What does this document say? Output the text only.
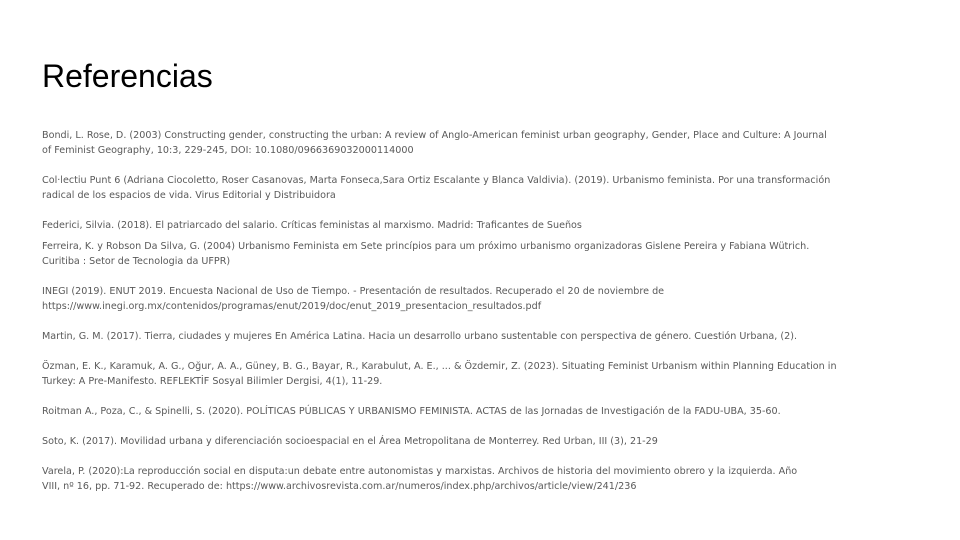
Referencias
Bondi, L. Rose, D. (2003) Constructing gender, constructing the urban: A review of Anglo-American feminist urban geography, Gender, Place and Culture: A Journal
of Feminist Geography, 10:3, 229-245, DOI: 10.1080/0966369032000114000
Col·lectiu Punt 6 (Adriana Ciocoletto, Roser Casanovas, Marta Fonseca,Sara Ortiz Escalante y Blanca Valdivia). (2019). Urbanismo feminista. Por una transformación
radical de los espacios de vida. Virus Editorial y Distribuidora
Federici, Silvia. (2018). El patriarcado del salario. Críticas feministas al marxismo. Madrid: Traficantes de Sueños
Ferreira, K. y Robson Da Silva, G. (2004) Urbanismo Feminista em Sete princípios para um próximo urbanismo organizadoras Gislene Pereira y Fabiana Wütrich.
Curitiba : Setor de Tecnologia da UFPR)
INEGI (2019). ENUT 2019. Encuesta Nacional de Uso de Tiempo. - Presentación de resultados. Recuperado el 20 de noviembre de
https://www.inegi.org.mx/contenidos/programas/enut/2019/doc/enut_2019_presentacion_resultados.pdf
Martin, G. M. (2017). Tierra, ciudades y mujeres En América Latina. Hacia un desarrollo urbano sustentable con perspectiva de género. Cuestión Urbana, (2).
Özman, E. K., Karamuk, A. G., Oğur, A. A., Güney, B. G., Bayar, R., Karabulut, A. E., ... & Özdemir, Z. (2023). Situating Feminist Urbanism within Planning Education in
Turkey: A Pre-Manifesto. REFLEKTİF Sosyal Bilimler Dergisi, 4(1), 11-29.
Roitman A., Poza, C., & Spinelli, S. (2020). POLÍTICAS PÚBLICAS Y URBANISMO FEMINISTA. ACTAS de las Jornadas de Investigación de la FADU-UBA, 35-60.
Soto, K. (2017). Movilidad urbana y diferenciación socioespacial en el Área Metropolitana de Monterrey. Red Urban, III (3), 21-29
Varela, P. (2020):La reproducción social en disputa:un debate entre autonomistas y marxistas. Archivos de historia del movimiento obrero y la izquierda. Año
VIII, nº 16, pp. 71-92. Recuperado de: https://www.archivosrevista.com.ar/numeros/index.php/archivos/article/view/241/236
